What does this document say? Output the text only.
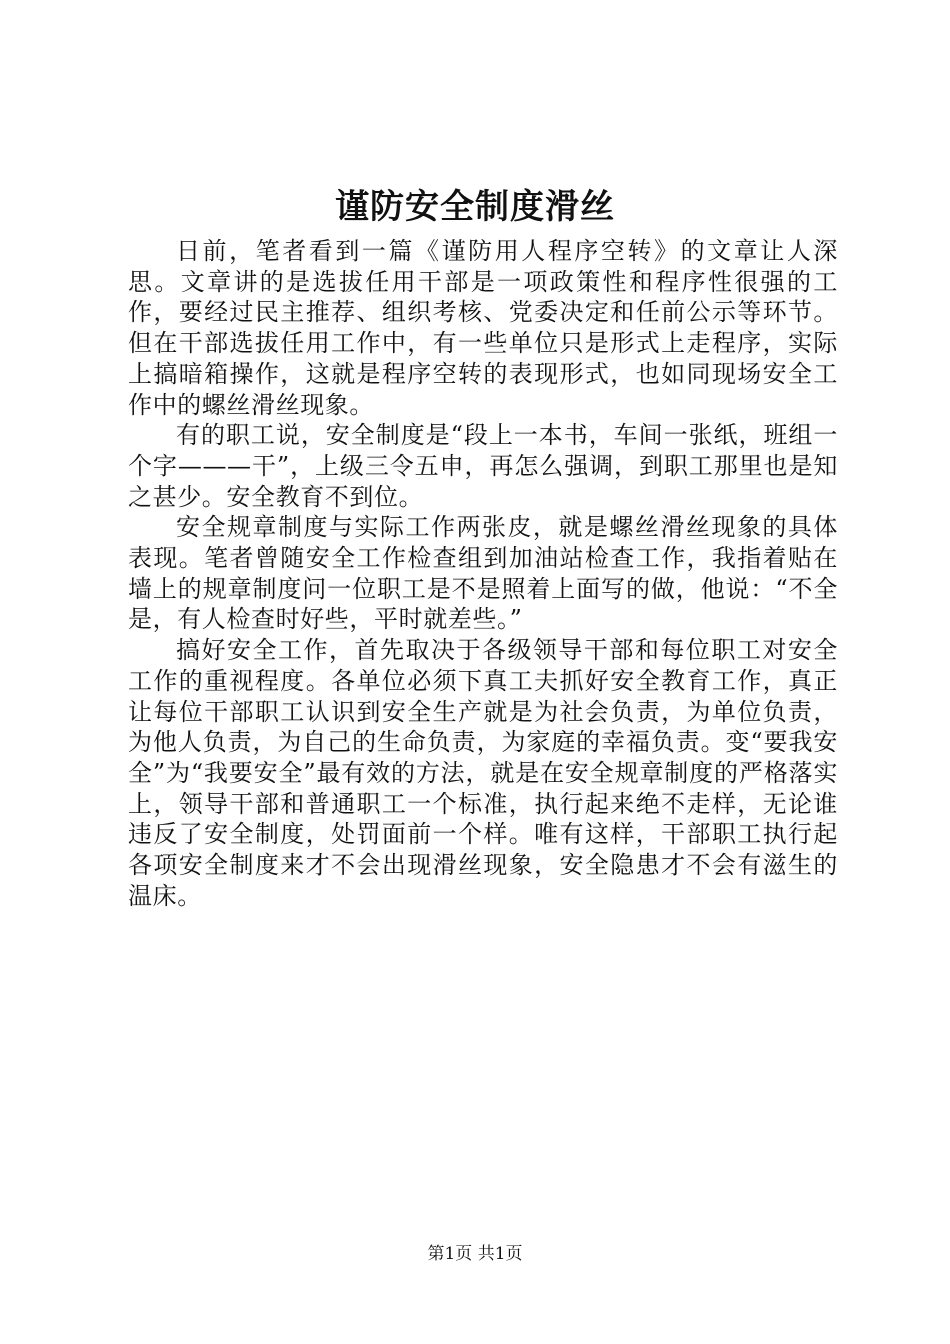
谨防安全制度滑丝

日前，笔者看到一篇《谨防用人程序空转》的文章让人深思。文章讲的是选拔任用干部是一项政策性和程序性很强的工作，要经过民主推荐、组织考核、党委决定和任前公示等环节。但在干部选拔任用工作中，有一些单位只是形式上走程序，实际上搞暗箱操作，这就是程序空转的表现形式，也如同现场安全工作中的螺丝滑丝现象。

有的职工说，安全制度是“段上一本书，车间一张纸，班组一个字———干”，上级三令五申，再怎么强调，到职工那里也是知之甚少。安全教育不到位。

安全规章制度与实际工作两张皮，就是螺丝滑丝现象的具体表现。笔者曾随安全工作检查组到加油站检查工作，我指着贴在墙上的规章制度问一位职工是不是照着上面写的做，他说：“不全是，有人检查时好些，平时就差些。”

搞好安全工作，首先取决于各级领导干部和每位职工对安全工作的重视程度。各单位必须下真工夫抓好安全教育工作，真正让每位干部职工认识到安全生产就是为社会负责，为单位负责，为他人负责，为自己的生命负责，为家庭的幸福负责。变“要我安全”为“我要安全”最有效的方法，就是在安全规章制度的严格落实上，领导干部和普通职工一个标准，执行起来绝不走样，无论谁违反了安全制度，处罚面前一个样。唯有这样，干部职工执行起各项安全制度来才不会出现滑丝现象，安全隐患才不会有滋生的温床。

第1页 共1页
